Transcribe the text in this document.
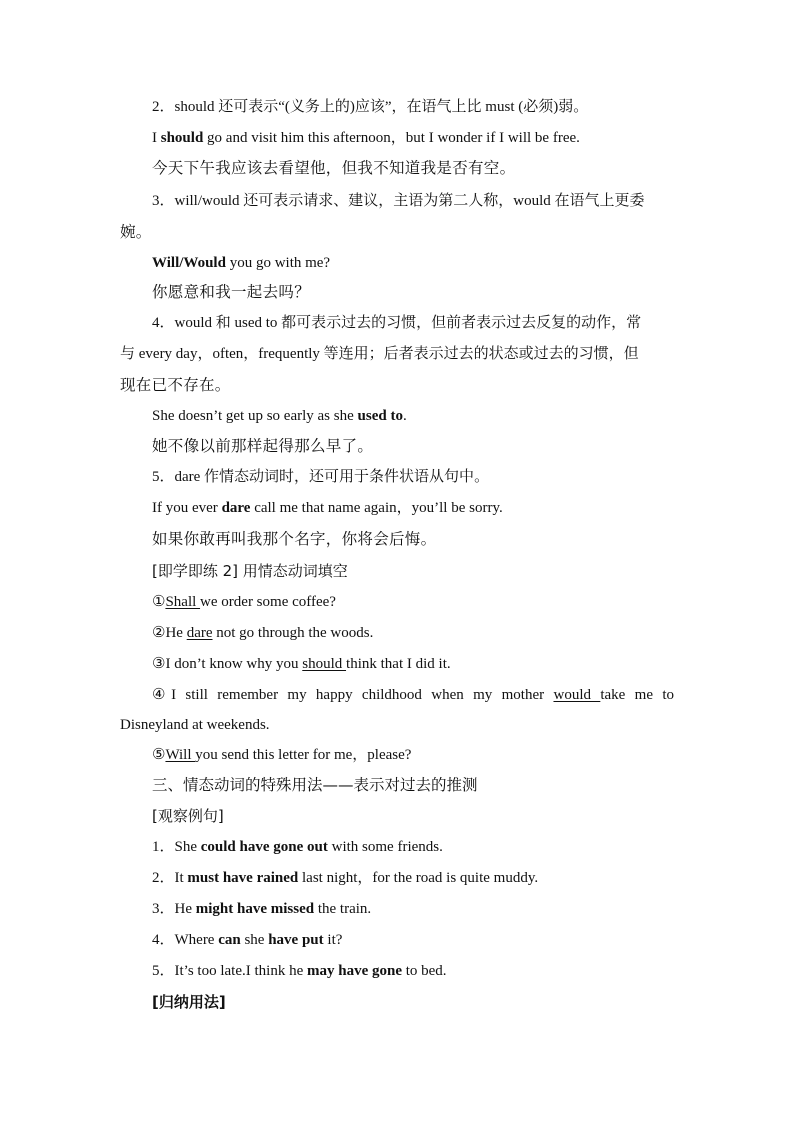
2．should 还可表示“(义务上的)应该”，在语气上比 must (必须)弱。
I should go and visit him this afternoon，but I wonder if I will be free.
今天下午我应该去看望他，但我不知道我是否有空。
3．will/would 还可表示请求、建议，主语为第二人称，would 在语气上更委
婉。
Will/Would you go with me?
你愿意和我一起去吗？
4．would 和 used to 都可表示过去的习惯，但前者表示过去反复的动作，常
与 every day，often，frequently 等连用；后者表示过去的状态或过去的习惯，但
现在已不存在。
She doesn’t get up so early as she used to.
她不像以前那样起得那么早了。
5．dare 作情态动词时，还可用于条件状语从句中。
If you ever dare call me that name again，you’ll be sorry.
如果你敢再叫我那个名字，你将会后悔。
[即学即练 2] 用情态动词填空
①Shall we order some coffee?
②He dare not go through the woods.
③I don’t know why you should think that I did it.
④I still remember my happy childhood when my mother would take me to
Disneyland at weekends.
⑤Will you send this letter for me，please?
三、情态动词的特殊用法——表示对过去的推测
[观察例句]
1．She could have gone out with some friends.
2．It must have rained last night，for the road is quite muddy.
3．He might have missed the train.
4．Where can she have put it?
5．It’s too late.I think he may have gone to bed.
[归纳用法]
